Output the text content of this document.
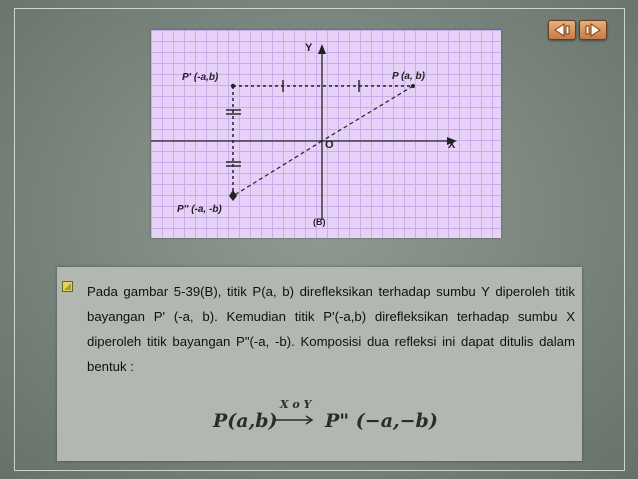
Y
X
O
P (a, b)
P' (-a,b)
P'' (-a, -b)
(B)
Pada gambar 5-39(B), titik P(a, b) direfleksikan terhadap sumbu Y diperoleh titik bayangan P' (-a, b). Kemudian titik P'(-a,b) direfleksikan terhadap sumbu X diperoleh titik bayangan P"(-a, -b). Komposisi dua refleksi ini dapat ditulis dalam bentuk :
P(a,b)
X o Y
P" (−a,−b)
